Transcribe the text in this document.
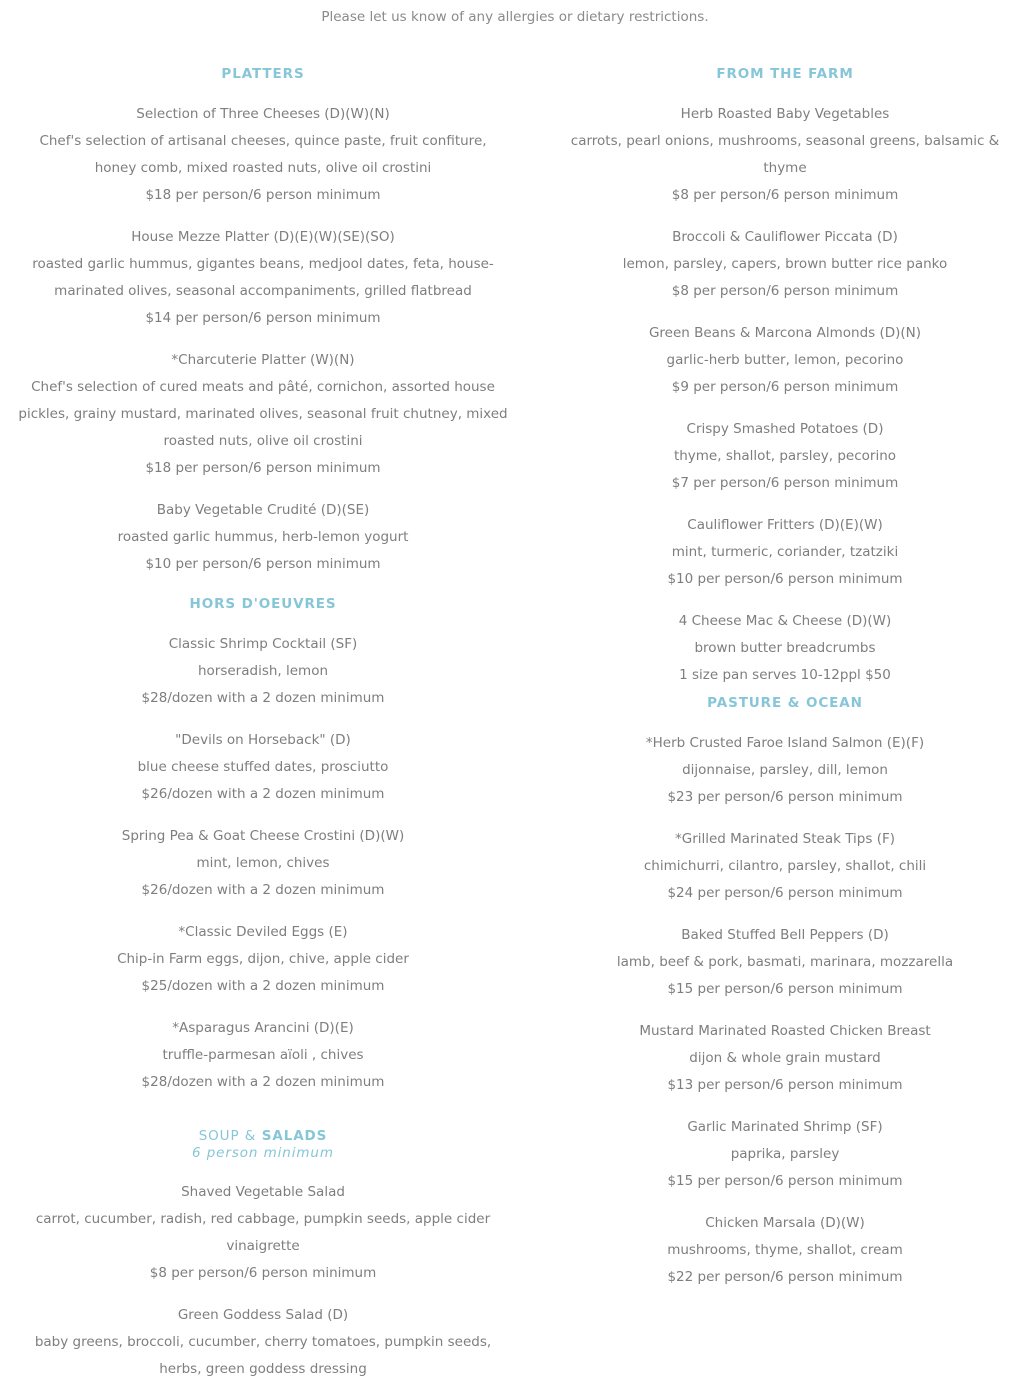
Please let us know of any allergies or dietary restrictions.
PLATTERS
Selection of Three Cheeses (D)(W)(N)
Chef's selection of artisanal cheeses, quince paste, fruit confiture, honey comb, mixed roasted nuts, olive oil crostini
$18 per person/6 person minimum
House Mezze Platter (D)(E)(W)(SE)(SO)
roasted garlic hummus, gigantes beans, medjool dates, feta, house-marinated olives, seasonal accompaniments, grilled flatbread
$14 per person/6 person minimum
*Charcuterie Platter (W)(N)
Chef's selection of cured meats and pâté, cornichon, assorted house pickles, grainy mustard, marinated olives, seasonal fruit chutney, mixed roasted nuts, olive oil crostini
$18 per person/6 person minimum
Baby Vegetable Crudité (D)(SE)
roasted garlic hummus, herb-lemon yogurt
$10 per person/6 person minimum
HORS D'OEUVRES
Classic Shrimp Cocktail (SF)
horseradish, lemon
$28/dozen with a 2 dozen minimum
"Devils on Horseback" (D)
blue cheese stuffed dates, prosciutto
$26/dozen with a 2 dozen minimum
Spring Pea & Goat Cheese Crostini (D)(W)
mint, lemon, chives
$26/dozen with a 2 dozen minimum
*Classic Deviled Eggs (E)
Chip-in Farm eggs, dijon, chive, apple cider
$25/dozen with a 2 dozen minimum
*Asparagus Arancini (D)(E)
truffle-parmesan aïoli , chives
$28/dozen with a 2 dozen minimum
SOUP & SALADS
6 person minimum
Shaved Vegetable Salad
carrot, cucumber, radish, red cabbage, pumpkin seeds, apple cider vinaigrette
$8 per person/6 person minimum
Green Goddess Salad (D)
baby greens, broccoli, cucumber, cherry tomatoes, pumpkin seeds, herbs, green goddess dressing
FROM THE FARM
Herb Roasted Baby Vegetables
carrots, pearl onions, mushrooms, seasonal greens, balsamic & thyme
$8 per person/6 person minimum
Broccoli & Cauliflower Piccata (D)
lemon, parsley, capers, brown butter rice panko
$8 per person/6 person minimum
Green Beans & Marcona Almonds (D)(N)
garlic-herb butter, lemon, pecorino
$9 per person/6 person minimum
Crispy Smashed Potatoes (D)
thyme, shallot, parsley, pecorino
$7 per person/6 person minimum
Cauliflower Fritters (D)(E)(W)
mint, turmeric, coriander, tzatziki
$10 per person/6 person minimum
4 Cheese Mac & Cheese (D)(W)
brown butter breadcrumbs
1 size pan serves 10-12ppl $50
PASTURE & OCEAN
*Herb Crusted Faroe Island Salmon (E)(F)
dijonnaise, parsley, dill, lemon
$23 per person/6 person minimum
*Grilled Marinated Steak Tips (F)
chimichurri, cilantro, parsley, shallot, chili
$24 per person/6 person minimum
Baked Stuffed Bell Peppers (D)
lamb, beef & pork, basmati, marinara, mozzarella
$15 per person/6 person minimum
Mustard Marinated Roasted Chicken Breast
dijon & whole grain mustard
$13 per person/6 person minimum
Garlic Marinated Shrimp (SF)
paprika, parsley
$15 per person/6 person minimum
Chicken Marsala (D)(W)
mushrooms, thyme, shallot, cream
$22 per person/6 person minimum
